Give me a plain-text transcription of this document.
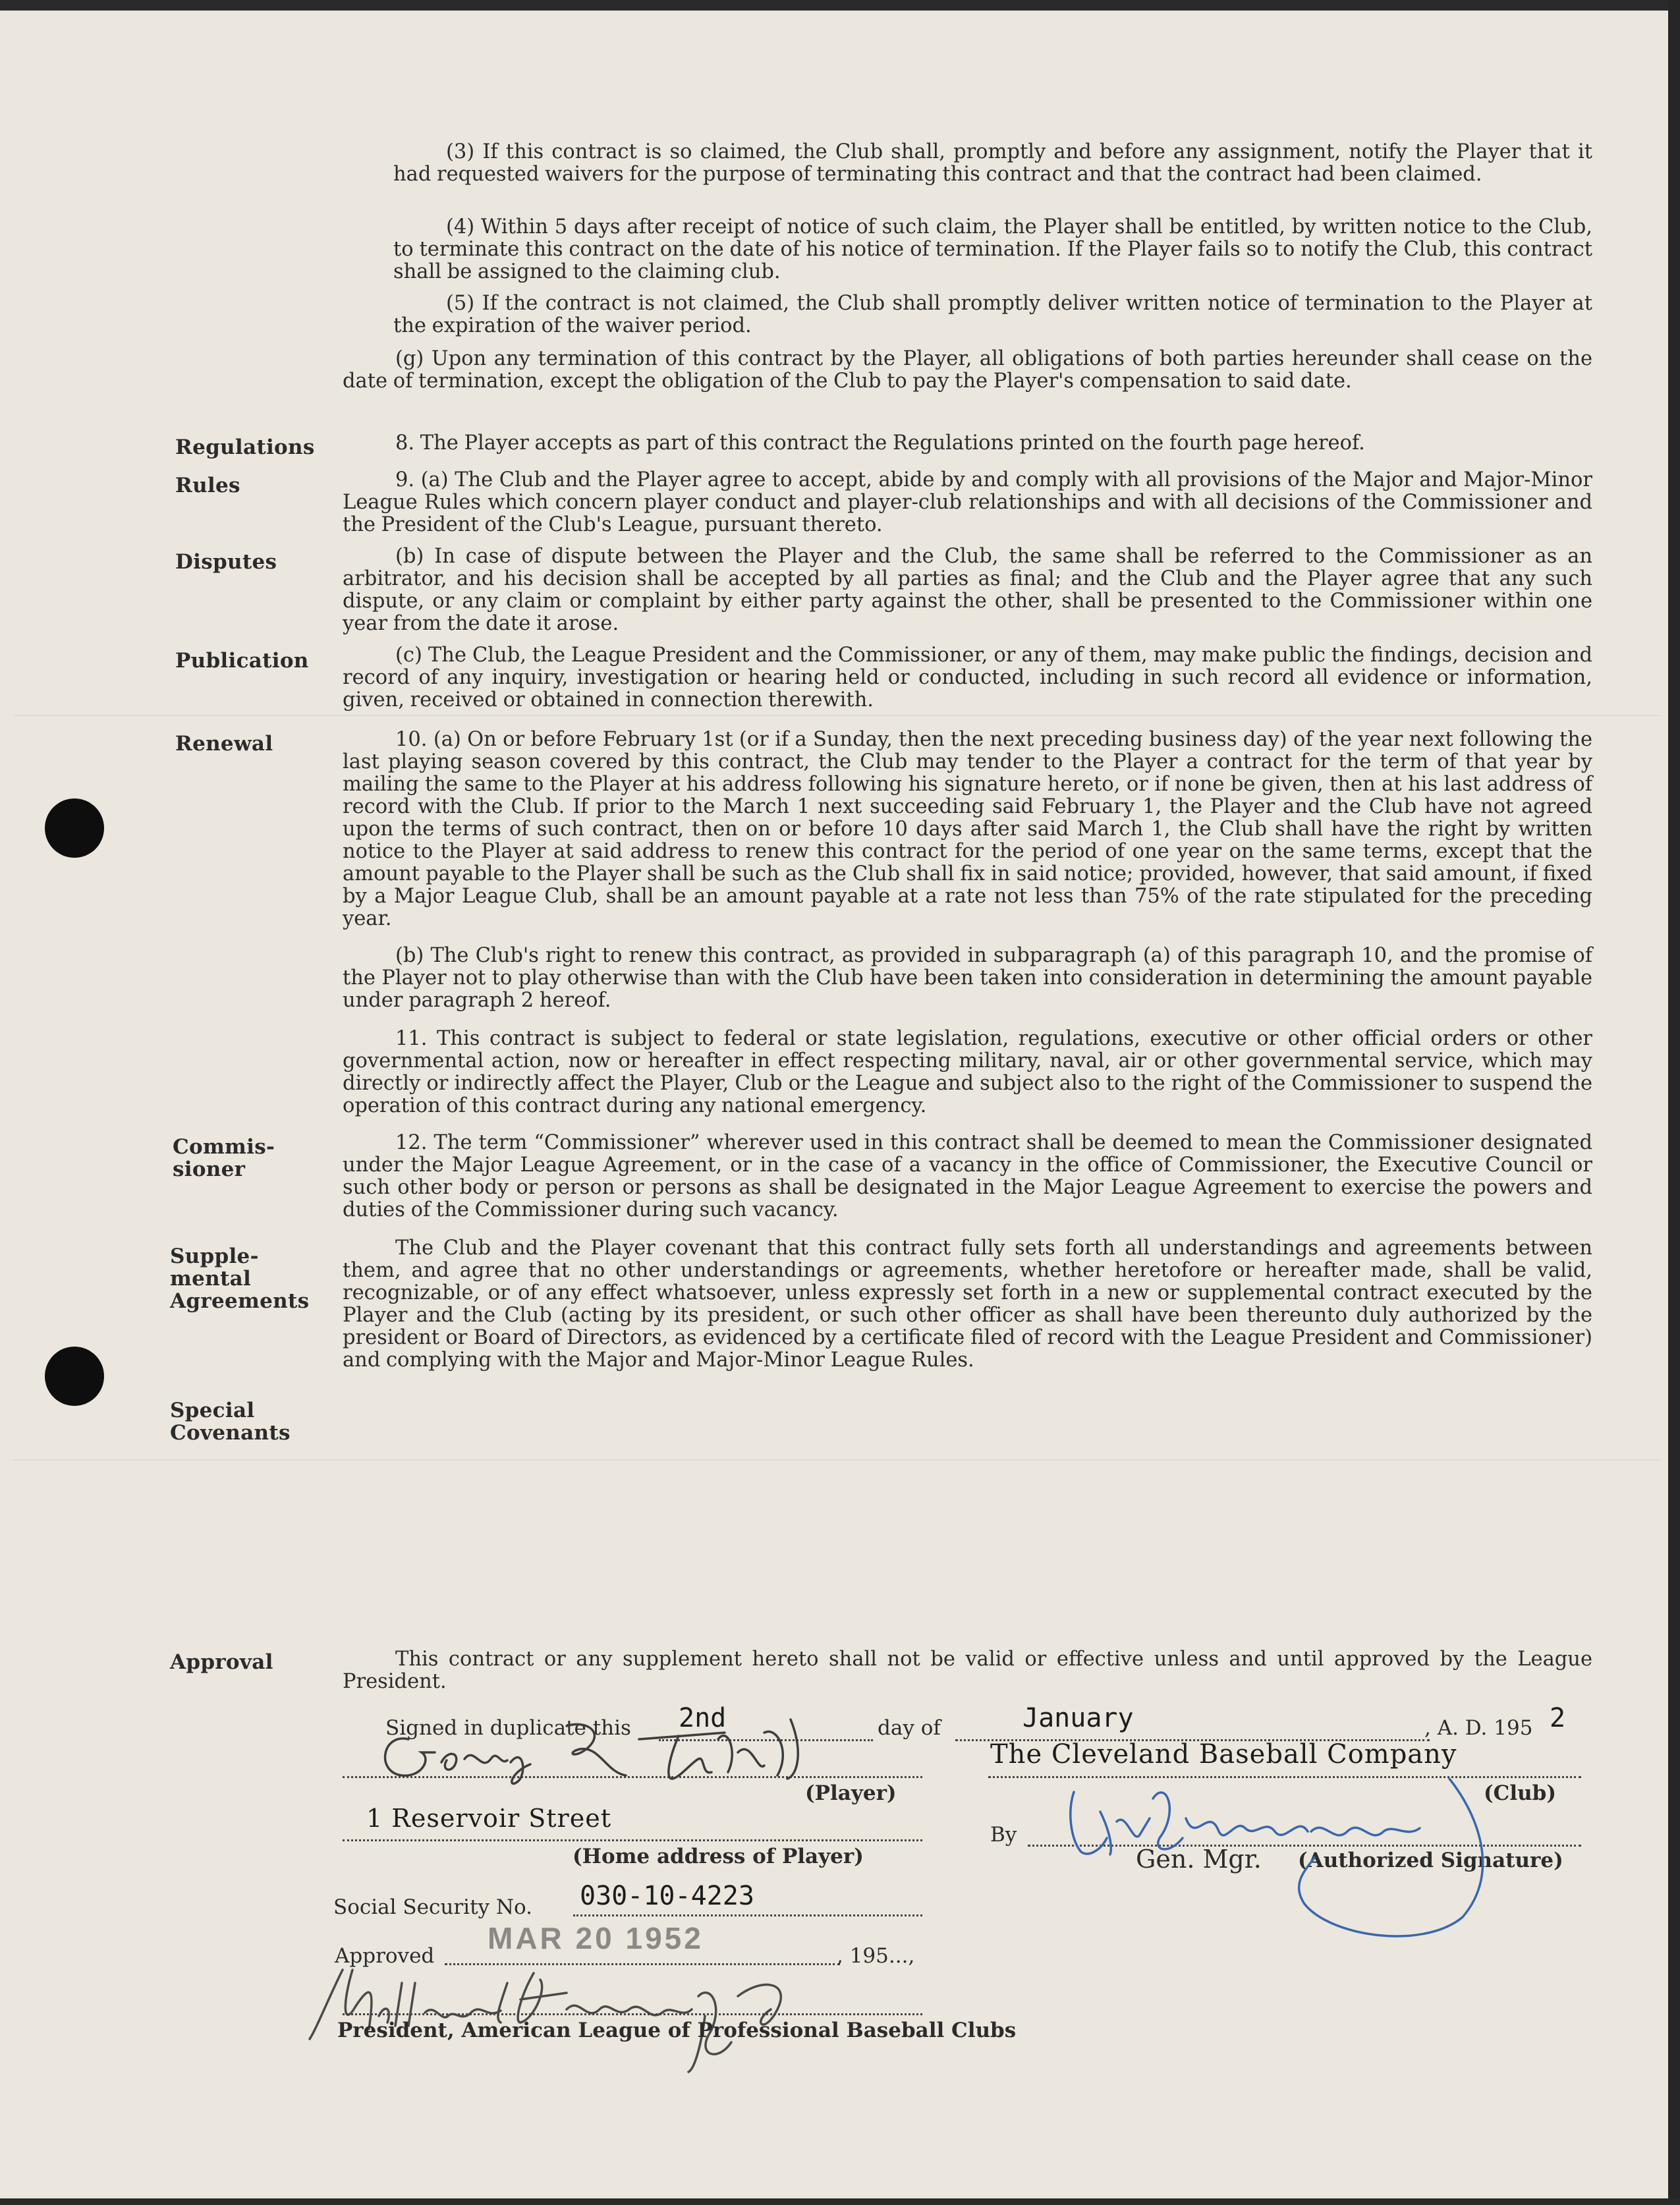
(3) If this contract is so claimed, the Club shall, promptly and before any assignment, notify the Player that it had requested waivers for the purpose of terminating this contract and that the contract had been claimed.

(4) Within 5 days after receipt of notice of such claim, the Player shall be entitled, by written notice to the Club, to terminate this contract on the date of his notice of termination. If the Player fails so to notify the Club, this contract shall be assigned to the claiming club.

(5) If the contract is not claimed, the Club shall promptly deliver written notice of termination to the Player at the expiration of the waiver period.

(g) Upon any termination of this contract by the Player, all obligations of both parties hereunder shall cease on the date of termination, except the obligation of the Club to pay the Player's compensation to said date.

8. The Player accepts as part of this contract the Regulations printed on the fourth page hereof.

9. (a) The Club and the Player agree to accept, abide by and comply with all provisions of the Major and Major-Minor League Rules which concern player conduct and player-club relationships and with all decisions of the Commissioner and the President of the Club's League, pursuant thereto.

(b) In case of dispute between the Player and the Club, the same shall be referred to the Commissioner as an arbitrator, and his decision shall be accepted by all parties as final; and the Club and the Player agree that any such dispute, or any claim or complaint by either party against the other, shall be presented to the Commissioner within one year from the date it arose.

(c) The Club, the League President and the Commissioner, or any of them, may make public the findings, decision and record of any inquiry, investigation or hearing held or conducted, including in such record all evidence or information, given, received or obtained in connection therewith.

10. (a) On or before February 1st (or if a Sunday, then the next preceding business day) of the year next following the last playing season covered by this contract, the Club may tender to the Player a contract for the term of that year by mailing the same to the Player at his address following his signature hereto, or if none be given, then at his last address of record with the Club. If prior to the March 1 next succeeding said February 1, the Player and the Club have not agreed upon the terms of such contract, then on or before 10 days after said March 1, the Club shall have the right by written notice to the Player at said address to renew this contract for the period of one year on the same terms, except that the amount payable to the Player shall be such as the Club shall fix in said notice; provided, however, that said amount, if fixed by a Major League Club, shall be an amount payable at a rate not less than 75% of the rate stipulated for the preceding year.

(b) The Club's right to renew this contract, as provided in subparagraph (a) of this paragraph 10, and the promise of the Player not to play otherwise than with the Club have been taken into consideration in determining the amount payable under paragraph 2 hereof.

11. This contract is subject to federal or state legislation, regulations, executive or other official orders or other governmental action, now or hereafter in effect respecting military, naval, air or other governmental service, which may directly or indirectly affect the Player, Club or the League and subject also to the right of the Commissioner to suspend the operation of this contract during any national emergency.

12. The term “Commissioner” wherever used in this contract shall be deemed to mean the Commissioner designated under the Major League Agreement, or in the case of a vacancy in the office of Commissioner, the Executive Council or such other body or person or persons as shall be designated in the Major League Agreement to exercise the powers and duties of the Commissioner during such vacancy.

The Club and the Player covenant that this contract fully sets forth all understandings and agreements between them, and agree that no other understandings or agreements, whether heretofore or hereafter made, shall be valid, recognizable, or of any effect whatsoever, unless expressly set forth in a new or supplemental contract executed by the Player and the Club (acting by its president, or such other officer as shall have been thereunto duly authorized by the president or Board of Directors, as evidenced by a certificate filed of record with the League President and Commissioner) and complying with the Major and Major-Minor League Rules.

This contract or any supplement hereto shall not be valid or effective unless and until approved by the League President.

Regulations

Rules

Disputes

Publication

Renewal

Commis-

sioner

Supple-

mental

Agreements

Special

Covenants

Approval

Signed in duplicate this 2nd	day of	January	, A. D. 195 2

The Cleveland Baseball Company

(Club)

(Player)

1 Reservoir Street

(Home address of Player)

By

Gen. Mgr. (Authorized Signature)

Social Security No. 030-10-4223

Approved

MAR 20 1952

, 195...,

President, American League of Professional Baseball Clubs
